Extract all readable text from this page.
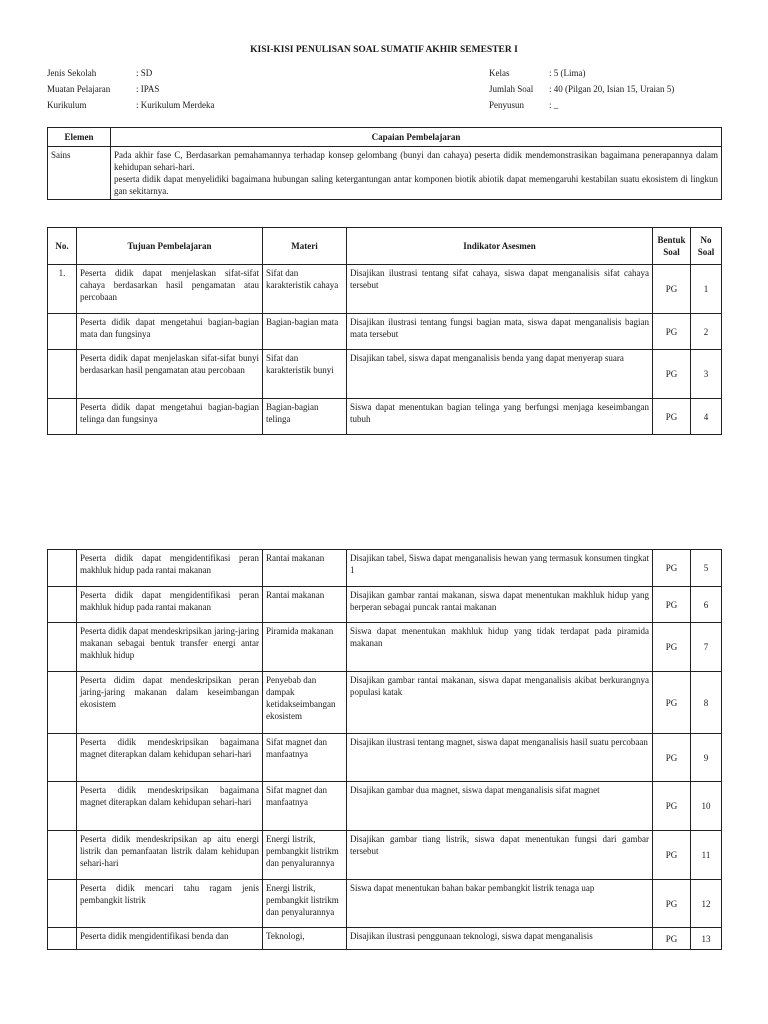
KISI-KISI PENULISAN SOAL SUMATIF AKHIR SEMESTER I
Jenis Sekolah	: SD
Muatan Pelajaran	: IPAS
Kurikulum	: Kurikulum Merdeka
Kelas	: 5 (Lima)
Jumlah Soal : 40 (Pilgan 20, Isian 15, Uraian 5)
Penyusun	: _
Elemen	Capaian Pembelajaran
Sains	Pada akhir fase C, Berdasarkan pemahamannya terhadap konsep gelombang (bunyi dan cahaya) peserta didik mendemonstrasikan bagaimana penerapannya dalam kehidupan sehari-hari.
peserta didik dapat menyelidiki bagaimana hubungan saling ketergantungan antar komponen biotik abiotik dapat memengaruhi kestabilan suatu ekosistem di lingkun gan sekitarnya.
No.	Tujuan Pembelajaran	Materi	Indikator Asesmen	Bentuk Soal	No Soal
1.	Peserta didik dapat menjelaskan sifat-sifat cahaya berdasarkan hasil pengamatan atau percobaan	Sifat dan karakteristik cahaya	Disajikan ilustrasi tentang sifat cahaya, siswa dapat menganalisis sifat cahaya tersebut	PG	1
	Peserta didik dapat mengetahui bagian-bagian mata dan fungsinya	Bagian-bagian mata	Disajikan ilustrasi tentang fungsi bagian mata, siswa dapat menganalisis bagian mata tersebut	PG	2
	Peserta didik dapat menjelaskan sifat-sifat bunyi berdasarkan hasil pengamatan atau percobaan	Sifat dan karakteristik bunyi	Disajikan tabel, siswa dapat menganalisis benda yang dapat menyerap suara	PG	3
	Peserta didik dapat mengetahui bagian-bagian telinga dan fungsinya	Bagian-bagian telinga	Siswa dapat menentukan bagian telinga yang berfungsi menjaga keseimbangan tubuh	PG	4
	Peserta didik dapat mengidentifikasi peran makhluk hidup pada rantai makanan	Rantai makanan	Disajikan tabel, Siswa dapat menganalisis hewan yang termasuk konsumen tingkat 1	PG	5
	Peserta didik dapat mengidentifikasi peran makhluk hidup pada rantai makanan	Rantai makanan	Disajikan gambar rantai makanan, siswa dapat menentukan makhluk hidup yang berperan sebagai puncak rantai makanan	PG	6
	Peserta didik dapat mendeskripsikan jaring-jaring makanan sebagai bentuk transfer energi antar makhluk hidup	Piramida makanan	Siswa dapat menentukan makhluk hidup yang tidak terdapat pada piramida makanan	PG	7
	Peserta didim dapat mendeskripsikan peran jaring-jaring makanan dalam keseimbangan ekosistem	Penyebab dan dampak ketidakseimbangan ekosistem	Disajikan gambar rantai makanan, siswa dapat menganalisis akibat berkurangnya populasi katak	PG	8
	Peserta didik mendeskripsikan bagaimana magnet diterapkan dalam kehidupan sehari-hari	Sifat magnet dan manfaatnya	Disajikan ilustrasi tentang magnet, siswa dapat menganalisis hasil suatu percobaan	PG	9
	Peserta didik mendeskripsikan bagaimana magnet diterapkan dalam kehidupan sehari-hari	Sifat magnet dan manfaatnya	Disajikan gambar dua magnet, siswa dapat menganalisis sifat magnet	PG	10
	Peserta didik mendeskripsikan ap aitu energi listrik dan pemanfaatan listrik dalam kehidupan sehari-hari	Energi listrik, pembangkit listrikm dan penyalurannya	Disajikan gambar tiang listrik, siswa dapat menentukan fungsi dari gambar tersebut	PG	11
	Peserta didik mencari tahu ragam jenis pembangkit listrik	Energi listrik, pembangkit listrikm dan penyalurannya	Siswa dapat menentukan bahan bakar pembangkit listrik tenaga uap	PG	12
	Peserta didik mengidentifikasi benda dan	Teknologi,	Disajikan ilustrasi penggunaan teknologi, siswa dapat menganalisis	PG	13
